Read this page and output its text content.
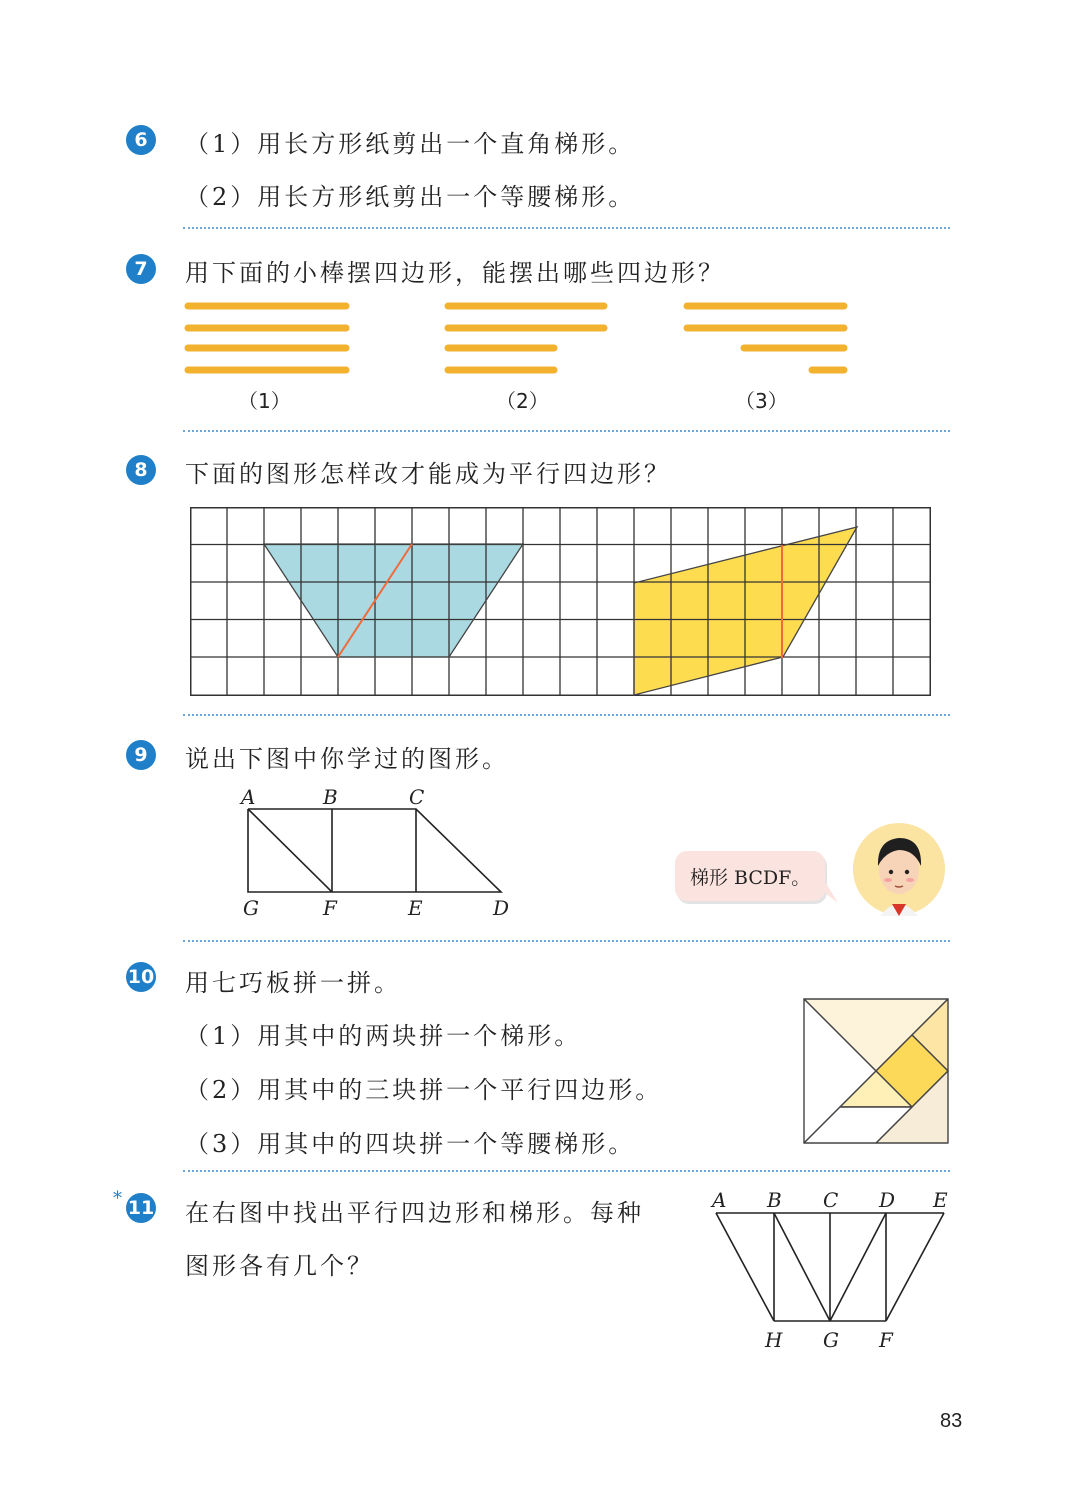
6	（1）用长方形纸剪出一个直角梯形。
（2）用长方形纸剪出一个等腰梯形。
7	用下面的小棒摆四边形，能摆出哪些四边形？
（1）	（2）	（3）
8	下面的图形怎样改才能成为平行四边形？
9	说出下图中你学过的图形。
A	B	C
G	F	E	D
梯形 BCDF。
10 用七巧板拼一拼。
（1）用其中的两块拼一个梯形。
（2）用其中的三块拼一个平行四边形。
（3）用其中的四块拼一个等腰梯形。
* 11 在右图中找出平行四边形和梯形。每种
图形各有几个？
A B C D E
H G F
83
